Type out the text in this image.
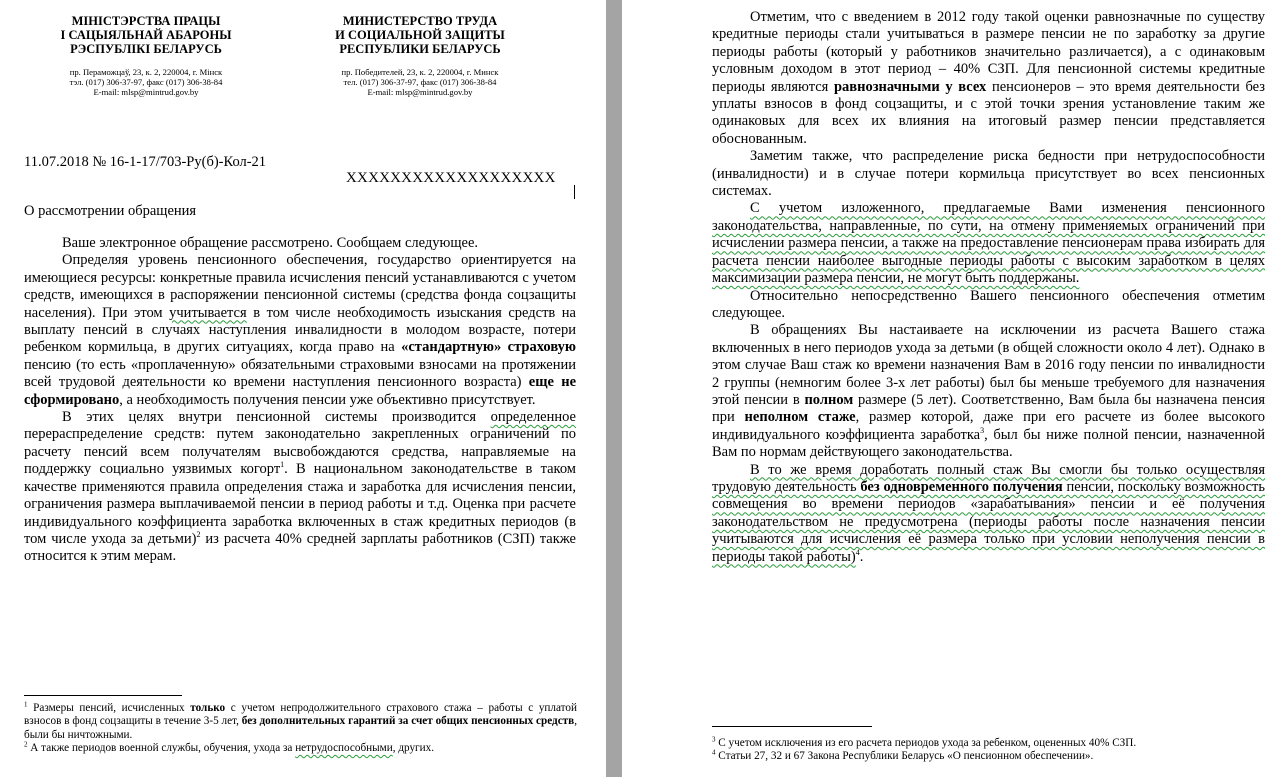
МІНІСТЭРСТВА ПРАЦЫ
І САЦЫЯЛЬНАЙ АБАРОНЫ
РЭСПУБЛІКІ БЕЛАРУСЬ
пр. Пераможцаў, 23, к. 2, 220004, г. Мінск
тэл. (017) 306-37-97, факс (017) 306-38-84
E-mail: mlsp@mintrud.gov.by
МИНИСТЕРСТВО ТРУДА
И СОЦИАЛЬНОЙ ЗАЩИТЫ
РЕСПУБЛИКИ БЕЛАРУСЬ
пр. Победителей, 23, к. 2, 220004, г. Минск
тел. (017) 306-37-97, факс (017) 306-38-84
E-mail: mlsp@mintrud.gov.by
11.07.2018 № 16-1-17/703-Ру(б)-Кол-21
ХХХХХХХХХХХХХХХХХХХ
О рассмотрении обращения

Ваше электронное обращение рассмотрено. Сообщаем следующее.

Определяя уровень пенсионного обеспечения, государство ориентируется на имеющиеся ресурсы: конкретные правила исчисления пенсий устанавливаются с учетом средств, имеющихся в распоряжении пенсионной системы (средства фонда соцзащиты населения). При этом учитывается в том числе необходимость изыскания средств на выплату пенсий в случаях наступления инвалидности в молодом возрасте, потери ребенком кормильца, в других ситуациях, когда право на «стандартную» страховую пенсию (то есть «проплаченную» обязательными страховыми взносами на протяжении всей трудовой деятельности ко времени наступления пенсионного возраста) еще не сформировано, а необходимость получения пенсии уже объективно присутствует.

В этих целях внутри пенсионной системы производится определенное перераспределение средств: путем законодательно закрепленных ограничений по расчету пенсий всем получателям высвобождаются средства, направляемые на поддержку социально уязвимых когорт$^1$. В национальном законодательстве в таком качестве применяются правила определения стажа и заработка для исчисления пенсии, ограничения размера выплачиваемой пенсии в период работы и т.д. Оценка при расчете индивидуального коэффициента заработка включенных в стаж кредитных периодов (в том числе ухода за детьми)$^2$ из расчета 40% средней зарплаты работников (СЗП) также относится к этим мерам.

$^1$ Размеры пенсий, исчисленных только с учетом непродолжительного страхового стажа – работы с уплатой взносов в фонд соцзащиты в течение 3-5 лет, без дополнительных гарантий за счет общих пенсионных средств, были бы ничтожными.

$^2$ А также периодов военной службы, обучения, ухода за нетрудоспособными, других.

Отметим, что с введением в 2012 году такой оценки равнозначные по существу кредитные периоды стали учитываться в размере пенсии не по заработку за другие периоды работы (который у работников значительно различается), а с одинаковым условным доходом в этот период – 40% СЗП. Для пенсионной системы кредитные периоды являются равнозначными у всех пенсионеров – это время деятельности без уплаты взносов в фонд соцзащиты, и с этой точки зрения установление таким же одинаковых для всех их влияния на итоговый размер пенсии представляется обоснованным.

Заметим также, что распределение риска бедности при нетрудоспособности (инвалидности) и в случае потери кормильца присутствует во всех пенсионных системах.

С учетом изложенного, предлагаемые Вами изменения пенсионного законодательства, направленные, по сути, на отмену применяемых ограничений при исчислении размера пенсии, а также на предоставление пенсионерам права избирать для расчета пенсии наиболее выгодные периоды работы с высоким заработком в целях максимизации размера пенсии, не могут быть поддержаны.

Относительно непосредственно Вашего пенсионного обеспечения отметим следующее.

В обращениях Вы настаиваете на исключении из расчета Вашего стажа включенных в него периодов ухода за детьми (в общей сложности около 4 лет). Однако в этом случае Ваш стаж ко времени назначения Вам в 2016 году пенсии по инвалидности 2 группы (немногим более 3-х лет работы) был бы меньше требуемого для назначения этой пенсии в полном размере (5 лет). Соответственно, Вам была бы назначена пенсия при неполном стаже, размер которой, даже при его расчете из более высокого индивидуального коэффициента заработка$^3$, был бы ниже полной пенсии, назначенной Вам по нормам действующего законодательства.

В то же время доработать полный стаж Вы смогли бы только осуществляя трудовую деятельность без одновременного получения пенсии, поскольку возможность совмещения во времени периодов «зарабатывания» пенсии и её получения законодательством не предусмотрена (периоды работы после назначения пенсии учитываются для исчисления её размера только при условии неполучения пенсии в периоды такой работы)$^4$.

$^3$ С учетом исключения из его расчета периодов ухода за ребенком, оцененных 40% СЗП.

$^4$ Статьи 27, 32 и 67 Закона Республики Беларусь «О пенсионном обеспечении».
